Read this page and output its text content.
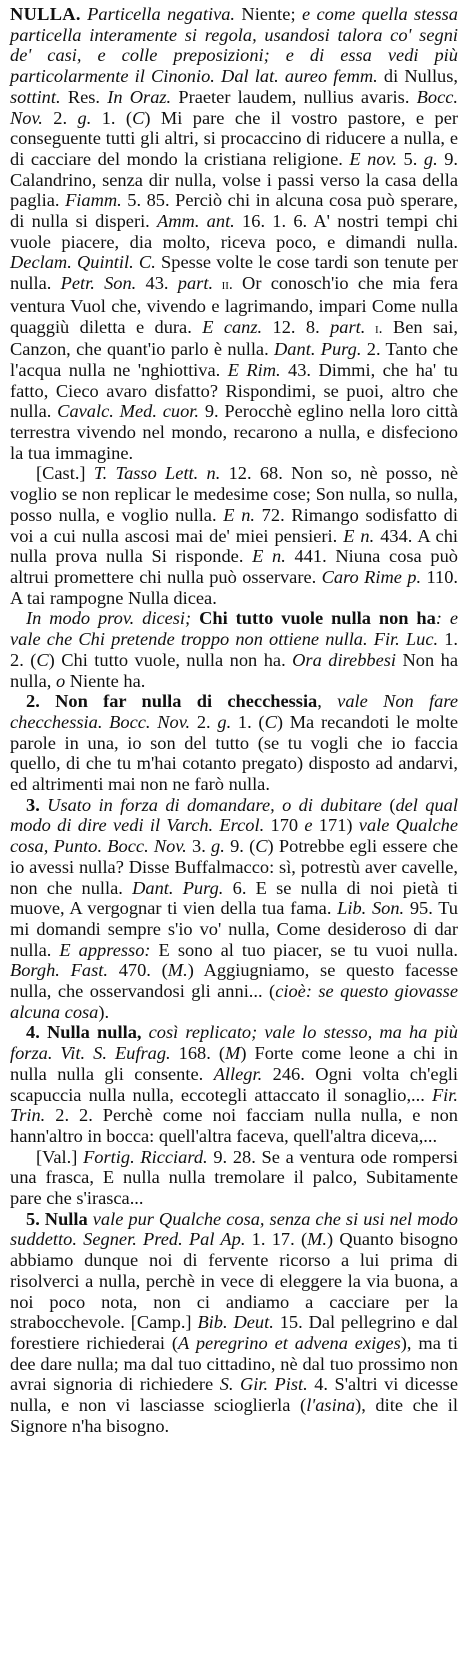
NULLA. Particella negativa. Niente; e come quella stessa particella interamente si regola, usandosi talora co' segni de' casi, e colle preposizioni; e di essa vedi più particolarmente il Cinonio. Dal lat. aureo femm. di Nullus, sottint. Res. In Oraz. Praeter laudem, nullius avaris. Bocc. Nov. 2. g. 1. (C) Mi pare che il vostro pastore, e per conseguente tutti gli altri, si procaccino di riducere a nulla, e di cacciare del mondo la cristiana religione. E nov. 5. g. 9. Calandrino, senza dir nulla, volse i passi verso la casa della paglia. Fiamm. 5. 85. Perciò chi in alcuna cosa può sperare, di nulla si disperi. Amm. ant. 16. 1. 6. A' nostri tempi chi vuole piacere, dia molto, riceva poco, e dimandi nulla. Declam. Quintil. C. Spesse volte le cose tardi son tenute per nulla. Petr. Son. 43. part. ii. Or conosch'io che mia fera ventura Vuol che, vivendo e lagrimando, impari Come nulla quaggiù diletta e dura. E canz. 12. 8. part. i. Ben sai, Canzon, che quant'io parlo è nulla. Dant. Purg. 2. Tanto che l'acqua nulla ne 'nghiottiva. E Rim. 43. Dimmi, che ha' tu fatto, Cieco avaro disfatto? Rispondimi, se puoi, altro che nulla. Cavalc. Med. cuor. 9. Perocchè eglino nella loro città terrestra vivendo nel mondo, recarono a nulla, e disfeciono la tua immagine.

[Cast.] T. Tasso Lett. n. 12. 68. Non so, nè posso, nè voglio se non replicar le medesime cose; Son nulla, so nulla, posso nulla, e voglio nulla. E n. 72. Rimango sodisfatto di voi a cui nulla ascosi mai de' miei pensieri. E n. 434. A chi nulla prova nulla Si risponde. E n. 441. Niuna cosa può altrui promettere chi nulla può osservare. Caro Rime p. 110. A tai rampogne Nulla dicea.

In modo prov. dicesi; Chi tutto vuole nulla non ha: e vale che Chi pretende troppo non ottiene nulla. Fir. Luc. 1. 2. (C) Chi tutto vuole, nulla non ha. Ora direbbesi Non ha nulla, o Niente ha.

2. Non far nulla di checchessia, vale Non fare checchessia. Bocc. Nov. 2. g. 1. (C) Ma recandoti le molte parole in una, io son del tutto (se tu vogli che io faccia quello, di che tu m'hai cotanto pregato) disposto ad andarvi, ed altrimenti mai non ne farò nulla.

3. Usato in forza di domandare, o di dubitare (del qual modo di dire vedi il Varch. Ercol. 170 e 171) vale Qualche cosa, Punto. Bocc. Nov. 3. g. 9. (C) Potrebbe egli essere che io avessi nulla? Disse Buffalmacco: sì, potrestù aver cavelle, non che nulla. Dant. Purg. 6. E se nulla di noi pietà ti muove, A vergognar ti vien della tua fama. Lib. Son. 95. Tu mi domandi sempre s'io vo' nulla, Come desideroso di dar nulla. E appresso: E sono al tuo piacer, se tu vuoi nulla. Borgh. Fast. 470. (M.) Aggiugniamo, se questo facesse nulla, che osservandosi gli anni... (cioè: se questo giovasse alcuna cosa).

4. Nulla nulla, così replicato; vale lo stesso, ma ha più forza. Vit. S. Eufrag. 168. (M) Forte come leone a chi in nulla nulla gli consente. Allegr. 246. Ogni volta ch'egli scapuccia nulla nulla, eccotegli attaccato il sonaglio,... Fir. Trin. 2. 2. Perchè come noi facciam nulla nulla, e non hann'altro in bocca: quell'altra faceva, quell'altra diceva,...

[Val.] Fortig. Ricciard. 9. 28. Se a ventura ode rompersi una frasca, E nulla nulla tremolare il palco, Subitamente pare che s'irasca...

5. Nulla vale pur Qualche cosa, senza che si usi nel modo suddetto. Segner. Pred. Pal Ap. 1. 17. (M.) Quanto bisogno abbiamo dunque noi di fervente ricorso a lui prima di risolverci a nulla, perchè in vece di eleggere la via buona, a noi poco nota, non ci andiamo a cacciare per la strabocchevole. [Camp.] Bib. Deut. 15. Dal pellegrino e dal forestiere richiederai (A peregrino et advena exiges), ma ti dee dare nulla; ma dal tuo cittadino, nè dal tuo prossimo non avrai signoria di richiedere S. Gir. Pist. 4. S'altri vi dicesse nulla, e non vi lasciasse scioglierla (l'asina), dite che il Signore n'ha bisogno.
